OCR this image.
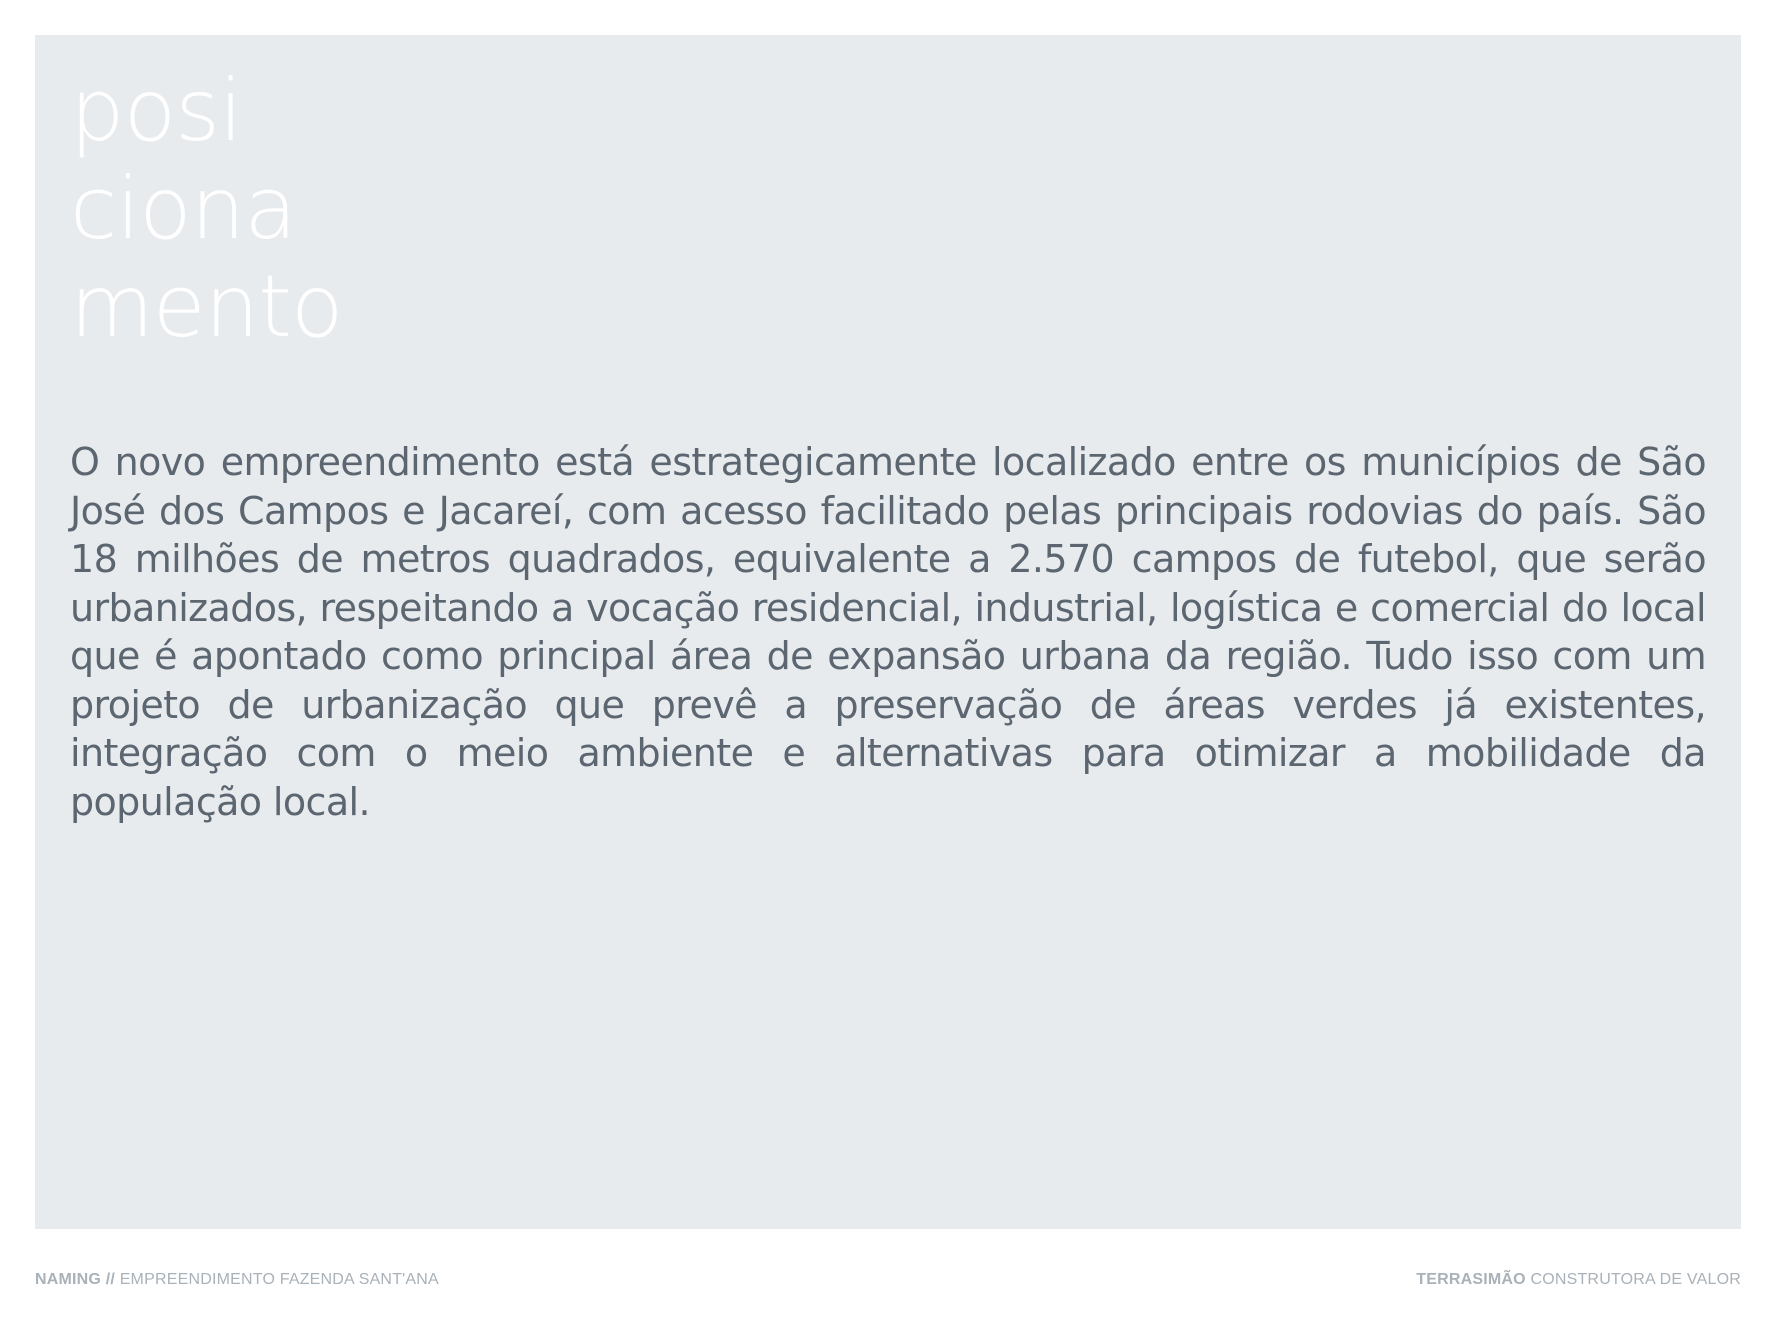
posi
ciona
mento

O novo empreendimento está estrategicamente localizado entre os municípios de São José dos Campos e Jacareí, com acesso facilitado pelas principais rodovias do país. São 18 milhões de metros quadrados, equivalente a 2.570 campos de futebol, que serão urbanizados, respeitando a vocação residencial, industrial, logística e comercial do local que é apontado como principal área de expansão urbana da região. Tudo isso com um projeto de urbanização que prevê a preservação de áreas verdes já existentes, integração com o meio ambiente e alternativas para otimizar a mobilidade da população local.

NAMING // EMPREENDIMENTO FAZENDA SANT'ANA	TERRASIMÃO CONSTRUTORA DE VALOR
